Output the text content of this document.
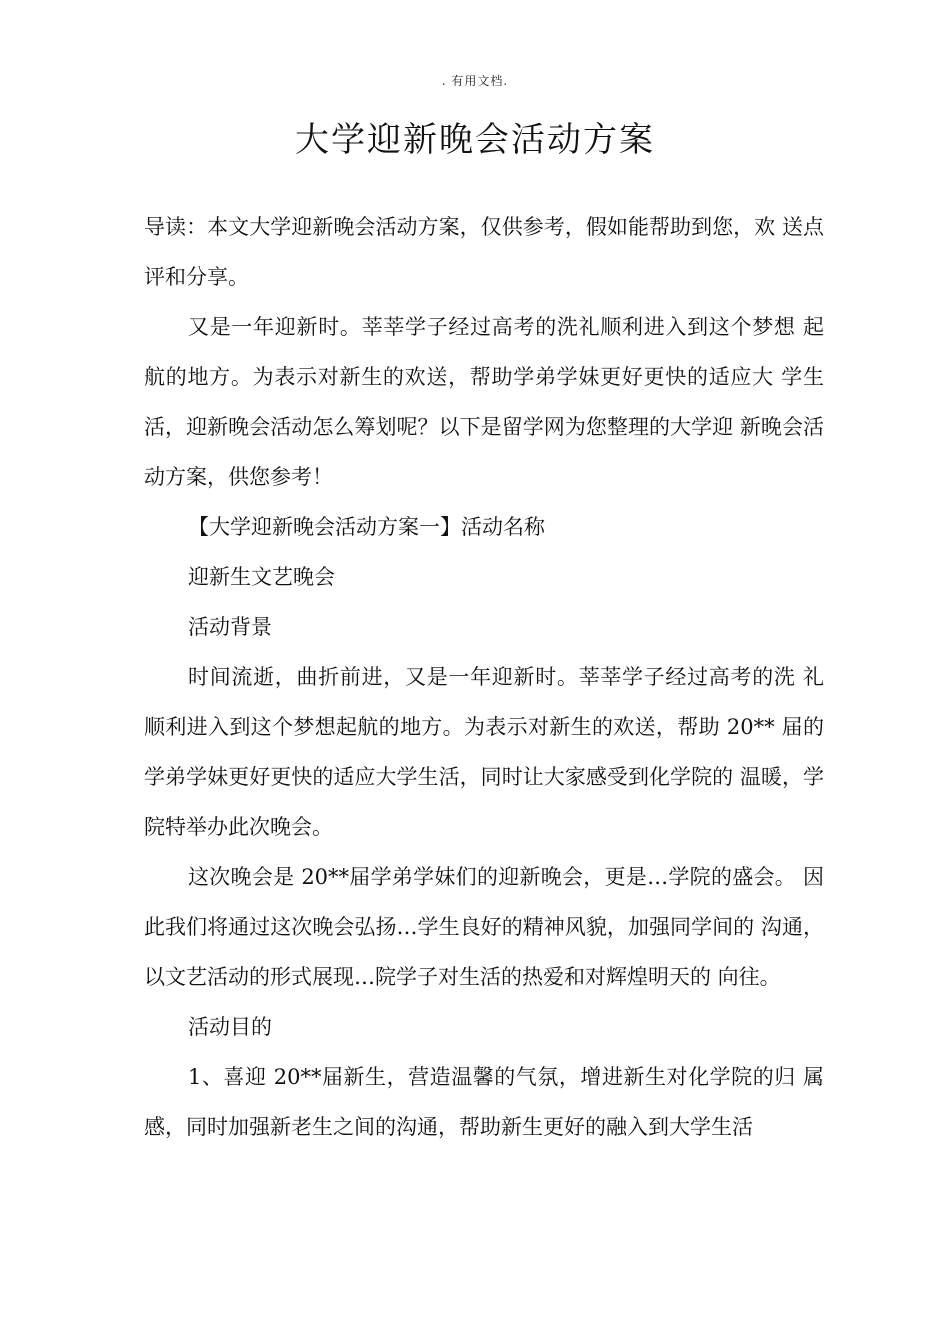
. 有用文档.
大学迎新晚会活动方案

导读：本文大学迎新晚会活动方案，仅供参考，假如能帮助到您，欢 送点评和分享。

又是一年迎新时。莘莘学子经过高考的洗礼顺利进入到这个梦想 起航的地方。为表示对新生的欢送，帮助学弟学妹更好更快的适应大 学生活，迎新晚会活动怎么筹划呢？以下是留学网为您整理的大学迎 新晚会活动方案，供您参考！

【大学迎新晚会活动方案一】活动名称

迎新生文艺晚会

活动背景

时间流逝，曲折前进，又是一年迎新时。莘莘学子经过高考的洗 礼顺利进入到这个梦想起航的地方。为表示对新生的欢送，帮助 20** 届的学弟学妹更好更快的适应大学生活，同时让大家感受到化学院的 温暖，学院特举办此次晚会。

这次晚会是 20**届学弟学妹们的迎新晚会，更是…学院的盛会。 因此我们将通过这次晚会弘扬…学生良好的精神风貌，加强同学间的 沟通，以文艺活动的形式展现…院学子对生活的热爱和对辉煌明天的 向往。

活动目的

1、喜迎 20**届新生，营造温馨的气氛，增进新生对化学院的归 属感，同时加强新老生之间的沟通，帮助新生更好的融入到大学生活
